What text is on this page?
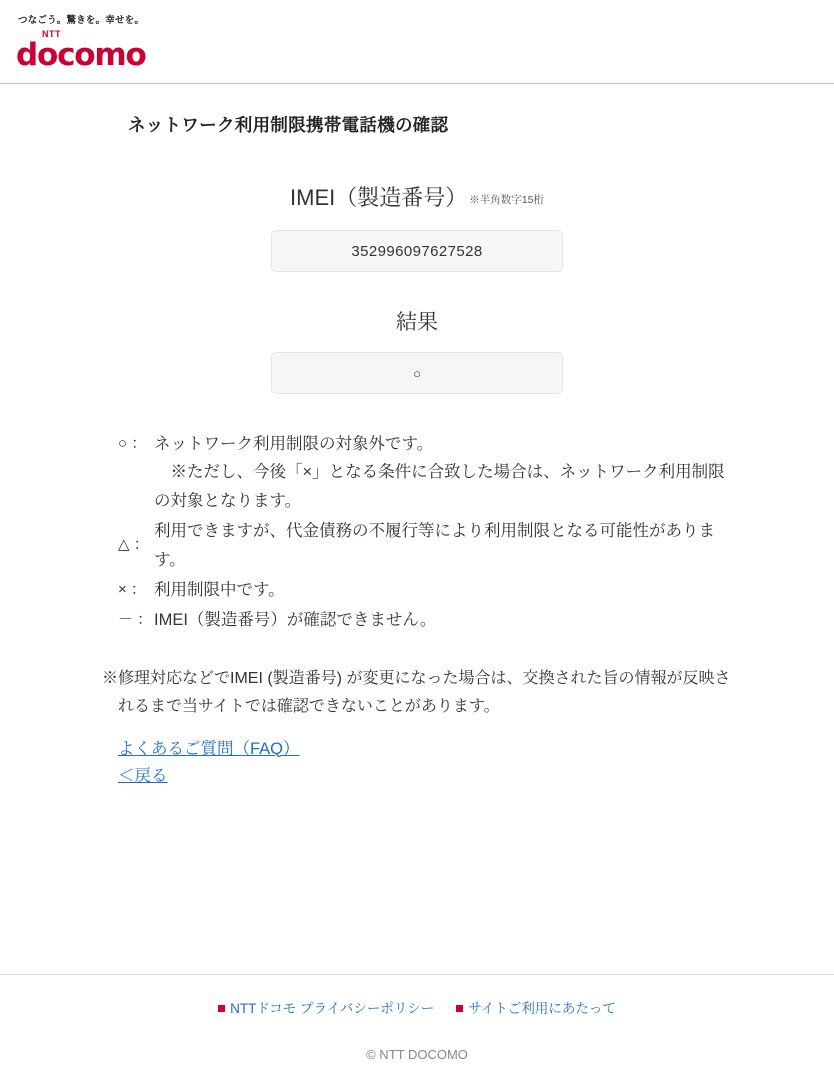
つなごう。驚きを。幸せを。
NTT
docomo
ネットワーク利用制限携帯電話機の確認
IMEI（製造番号） ※半角数字15桁
352996097627528
結果
○
○ ： ネットワーク利用制限の対象外です。
※ただし、今後「×」となる条件に合致した場合は、ネットワーク利用制限の対象となります。
△ ：
利用できますが、代金債務の不履行等により利用制限となる可能性があります。
× ： 利用制限中です。
－ ： IMEI（製造番号）が確認できません。
※修理対応などでIMEI (製造番号) が変更になった場合は、交換された旨の情報が反映されるまで当サイトでは確認できないことがあります。
よくあるご質問（FAQ）
＜戻る
NTTドコモ プライバシーポリシー	サイトご利用にあたって
© NTT DOCOMO
